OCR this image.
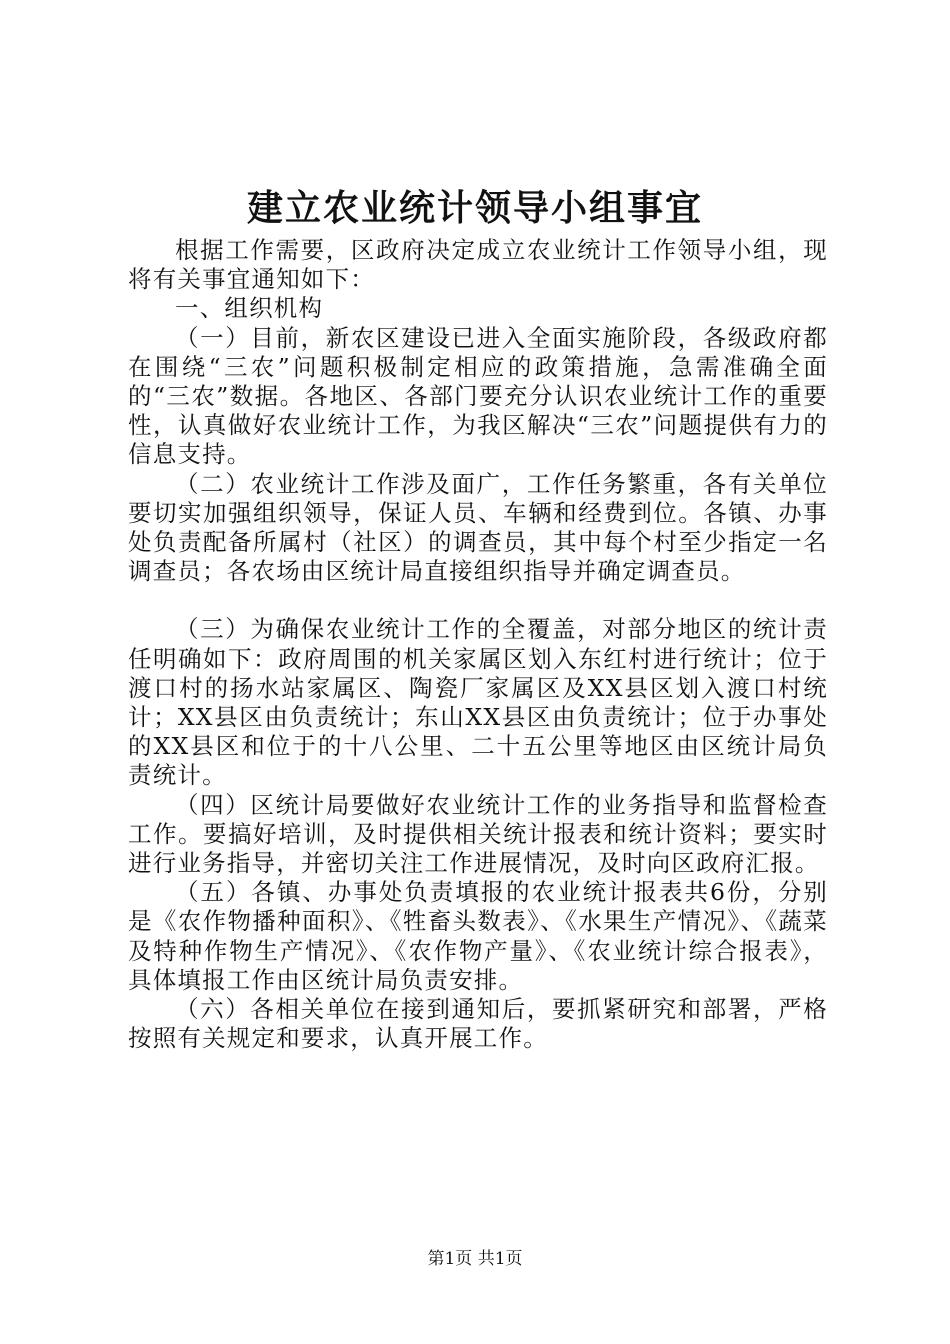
建立农业统计领导小组事宜

根据工作需要，区政府决定成立农业统计工作领导小组，现将有关事宜通知如下：

一、组织机构

（一）目前，新农区建设已进入全面实施阶段，各级政府都在围绕“三农”问题积极制定相应的政策措施，急需准确全面的“三农”数据。各地区、各部门要充分认识农业统计工作的重要性，认真做好农业统计工作，为我区解决“三农”问题提供有力的信息支持。

（二）农业统计工作涉及面广，工作任务繁重，各有关单位要切实加强组织领导，保证人员、车辆和经费到位。各镇、办事处负责配备所属村（社区）的调查员，其中每个村至少指定一名调查员；各农场由区统计局直接组织指导并确定调查员。

（三）为确保农业统计工作的全覆盖，对部分地区的统计责任明确如下：政府周围的机关家属区划入东红村进行统计；位于渡口村的扬水站家属区、陶瓷厂家属区及XX县区划入渡口村统计；XX县区由负责统计；东山XX县区由负责统计；位于办事处的XX县区和位于的十八公里、二十五公里等地区由区统计局负责统计。

（四）区统计局要做好农业统计工作的业务指导和监督检查工作。要搞好培训，及时提供相关统计报表和统计资料；要实时进行业务指导，并密切关注工作进展情况，及时向区政府汇报。

（五）各镇、办事处负责填报的农业统计报表共6份，分别是《农作物播种面积》、《牲畜头数表》、《水果生产情况》、《蔬菜及特种作物生产情况》、《农作物产量》、《农业统计综合报表》，具体填报工作由区统计局负责安排。

（六）各相关单位在接到通知后，要抓紧研究和部署，严格按照有关规定和要求，认真开展工作。

第1页 共1页
